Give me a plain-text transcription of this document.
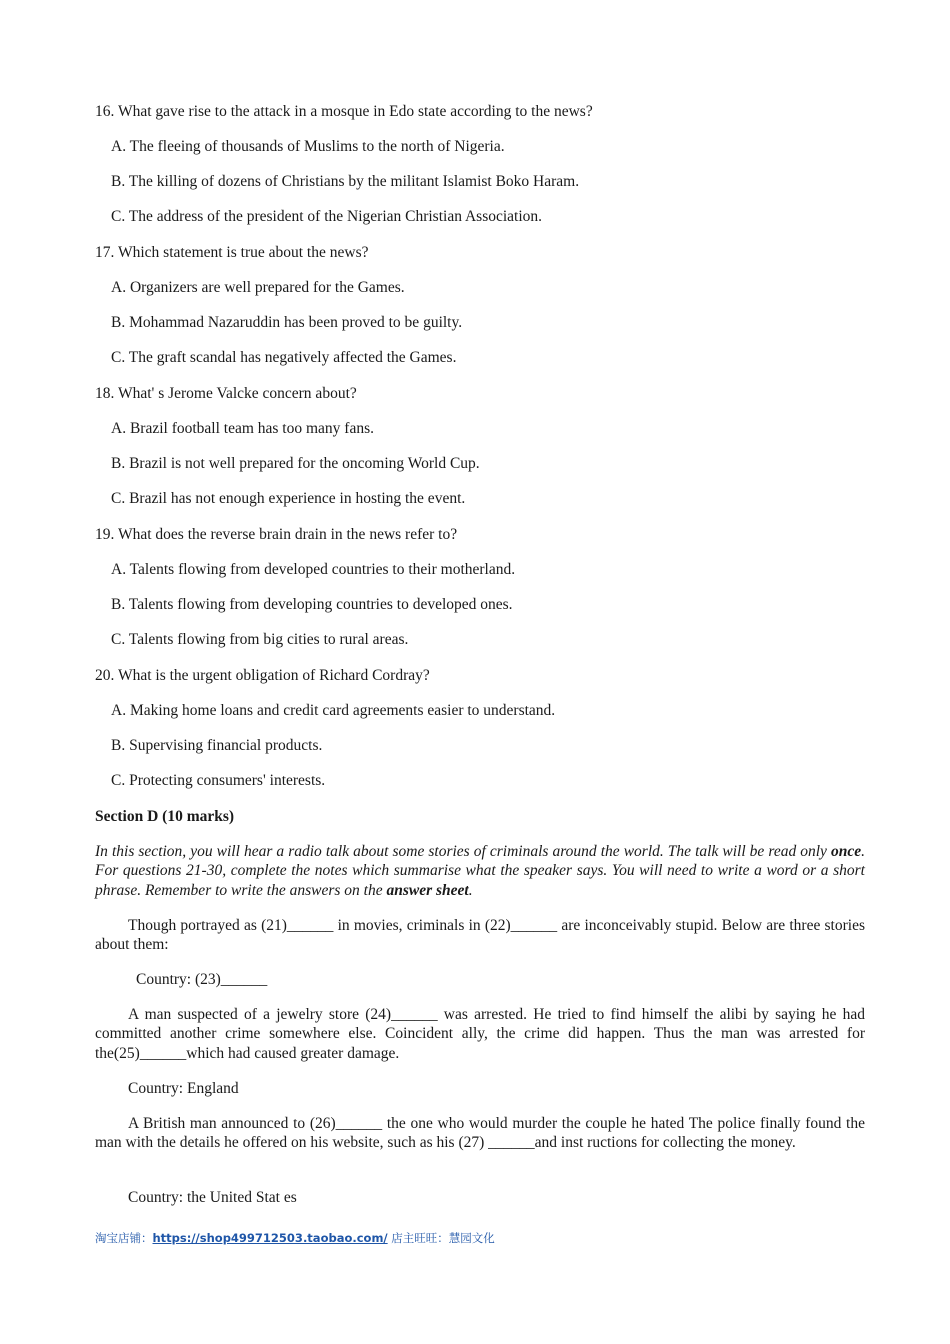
16. What gave rise to the attack in a mosque in Edo state according to the news?
A. The fleeing of thousands of Muslims to the north of Nigeria.
B. The killing of dozens of Christians by the militant Islamist Boko Haram.
C. The address of the president of the Nigerian Christian Association.
17. Which statement is true about the news?
A. Organizers are well prepared for the Games.
B. Mohammad Nazaruddin has been proved to be guilty.
C. The graft scandal has negatively affected the Games.
18. What' s Jerome Valcke concern about?
A. Brazil football team has too many fans.
B. Brazil is not well prepared for the oncoming World Cup.
C. Brazil has not enough experience in hosting the event.
19. What does the reverse brain drain in the news refer to?
A. Talents flowing from developed countries to their motherland.
B. Talents flowing from developing countries to developed ones.
C. Talents flowing from big cities to rural areas.
20. What is the urgent obligation of Richard Cordray?
A. Making home loans and credit card agreements easier to understand.
B. Supervising financial products.
C. Protecting consumers' interests.
Section D (10 marks)
In this section, you will hear a radio talk about some stories of criminals around the world. The talk will be read only once. For questions 21-30, complete the notes which summarise what the speaker says. You will need to write a word or a short phrase. Remember to write the answers on the answer sheet.
Though portrayed as (21)______ in movies, criminals in (22)______ are inconceivably stupid. Below are three stories about them:
Country: (23)______
A man suspected of a jewelry store (24)______ was arrested. He tried to find himself the alibi by saying he had committed another crime somewhere else. Coincident ally, the crime did happen. Thus the man was arrested for the(25)______which had caused greater damage.
Country: England
A British man announced to (26)______ the one who would murder the couple he hated The police finally found the man with the details he offered on his website, such as his (27) ______and inst ructions for collecting the money.
Country: the United Stat es
淘宝店铺：https://shop499712503.taobao.com/ 店主旺旺：慧园文化
